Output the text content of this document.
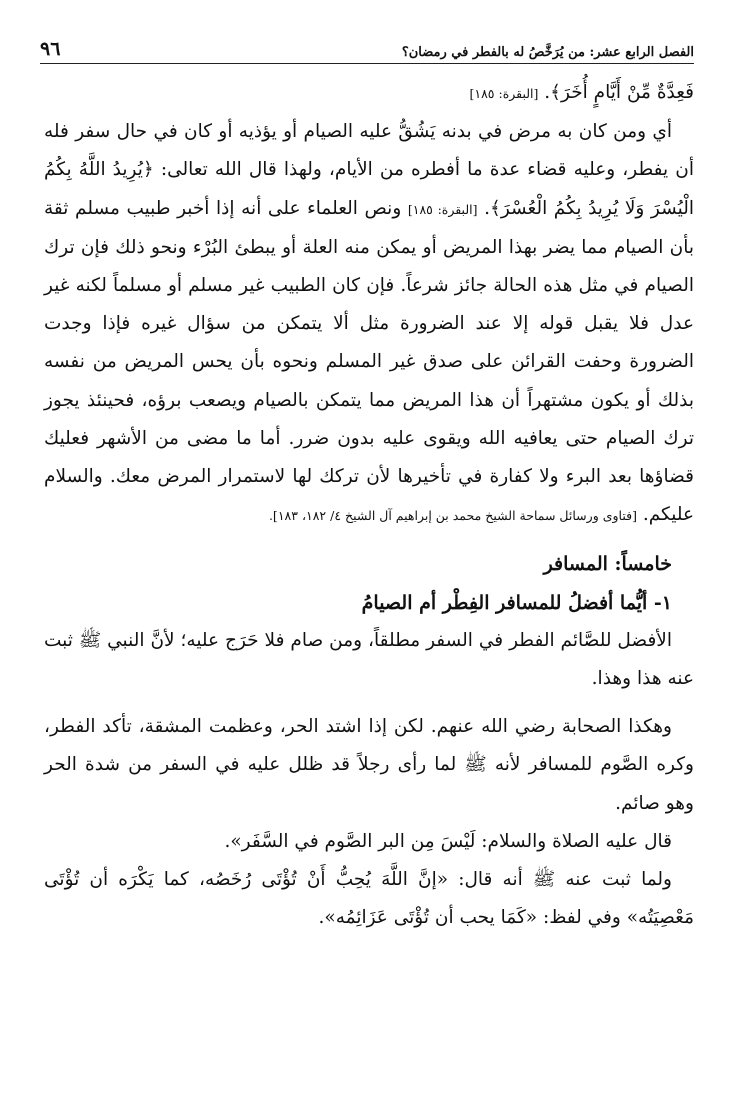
الفصل الرابع عشر: من يُرَخَّصُ له بالفطر في رمضان؟
٩٦

فَعِدَّةٌ مِّنْ أَيَّامٍ أُخَرَ﴾. [البقرة: ١٨٥]

أي ومن كان به مرض في بدنه يَشُقُّ عليه الصيام أو يؤذيه أو كان في حال سفر فله أن يفطر، وعليه قضاء عدة ما أفطره من الأيام، ولهذا قال الله تعالى: ﴿يُرِيدُ اللَّهُ بِكُمُ الْيُسْرَ وَلَا يُرِيدُ بِكُمُ الْعُسْرَ﴾. [البقرة: ١٨٥] ونص العلماء على أنه إذا أخبر طبيب مسلم ثقة بأن الصيام مما يضر بهذا المريض أو يمكن منه العلة أو يبطئ البُرْء ونحو ذلك فإن ترك الصيام في مثل هذه الحالة جائز شرعاً. فإن كان الطبيب غير مسلم أو مسلماً لكنه غير عدل فلا يقبل قوله إلا عند الضرورة مثل ألا يتمكن من سؤال غيره فإذا وجدت الضرورة وحفت القرائن على صدق غير المسلم ونحوه بأن يحس المريض من نفسه بذلك أو يكون مشتهراً أن هذا المريض مما يتمكن بالصيام ويصعب برؤه، فحينئذ يجوز ترك الصيام حتى يعافيه الله ويقوى عليه بدون ضرر. أما ما مضى من الأشهر فعليك قضاؤها بعد البرء ولا كفارة في تأخيرها لأن تركك لها لاستمرار المرض معك. والسلام عليكم. [فتاوى ورسائل سماحة الشيخ محمد بن إبراهيم آل الشيخ ٤/ ١٨٢، ١٨٣].

خامساً: المسافر

١- أيُّما أفضلُ للمسافر الفِطْر أم الصيامُ

الأفضل للصَّائم الفطر في السفر مطلقاً، ومن صام فلا حَرَج عليه؛ لأنَّ النبي ﷺ ثبت عنه هذا وهذا.

وهكذا الصحابة رضي الله عنهم. لكن إذا اشتد الحر، وعظمت المشقة، تأكد الفطر، وكره الصَّوم للمسافر لأنه ﷺ لما رأى رجلاً قد ظلل عليه في السفر من شدة الحر وهو صائم.

قال عليه الصلاة والسلام: لَيْسَ مِن البر الصَّوم في السَّفَر».

ولما ثبت عنه ﷺ أنه قال: «إنَّ اللَّهَ يُحِبُّ أَنْ تُؤْتَى رُخَصُه، كما يَكْرَه أن تُؤْتَى مَعْصِيَتُه» وفي لفظ: «كَمَا يحب أن تُؤْتَى عَزَائِمُه».
